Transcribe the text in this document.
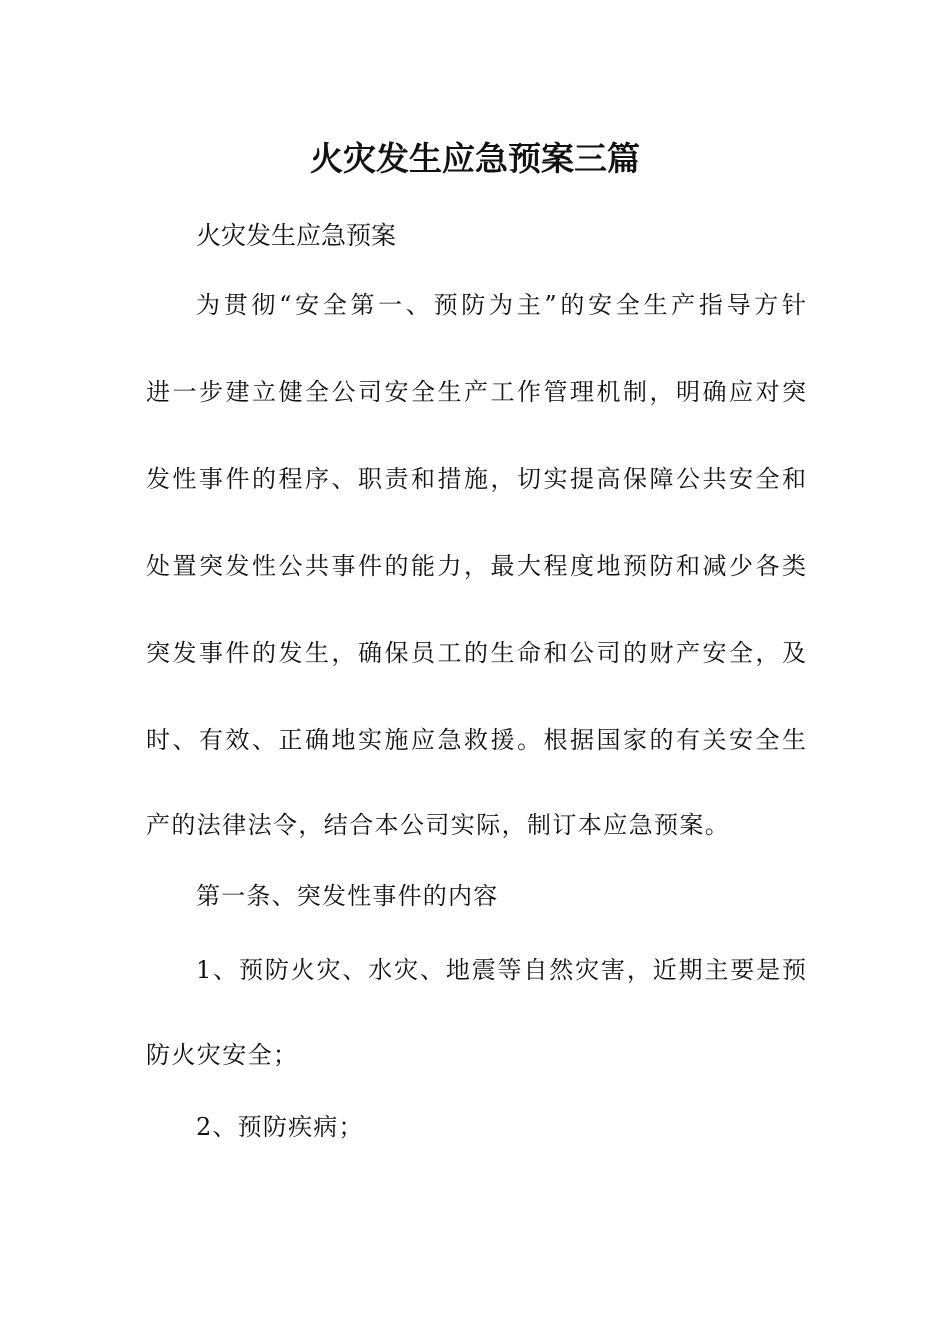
火灾发生应急预案三篇
火灾发生应急预案
为贯彻“安全第一、预防为主”的安全生产指导方针
进一步建立健全公司安全生产工作管理机制，明确应对突
发性事件的程序、职责和措施，切实提高保障公共安全和
处置突发性公共事件的能力，最大程度地预防和减少各类
突发事件的发生，确保员工的生命和公司的财产安全，及
时、有效、正确地实施应急救援。根据国家的有关安全生
产的法律法令，结合本公司实际，制订本应急预案。
第一条、突发性事件的内容
1、预防火灾、水灾、地震等自然灾害，近期主要是预
防火灾安全；
2、预防疾病；
